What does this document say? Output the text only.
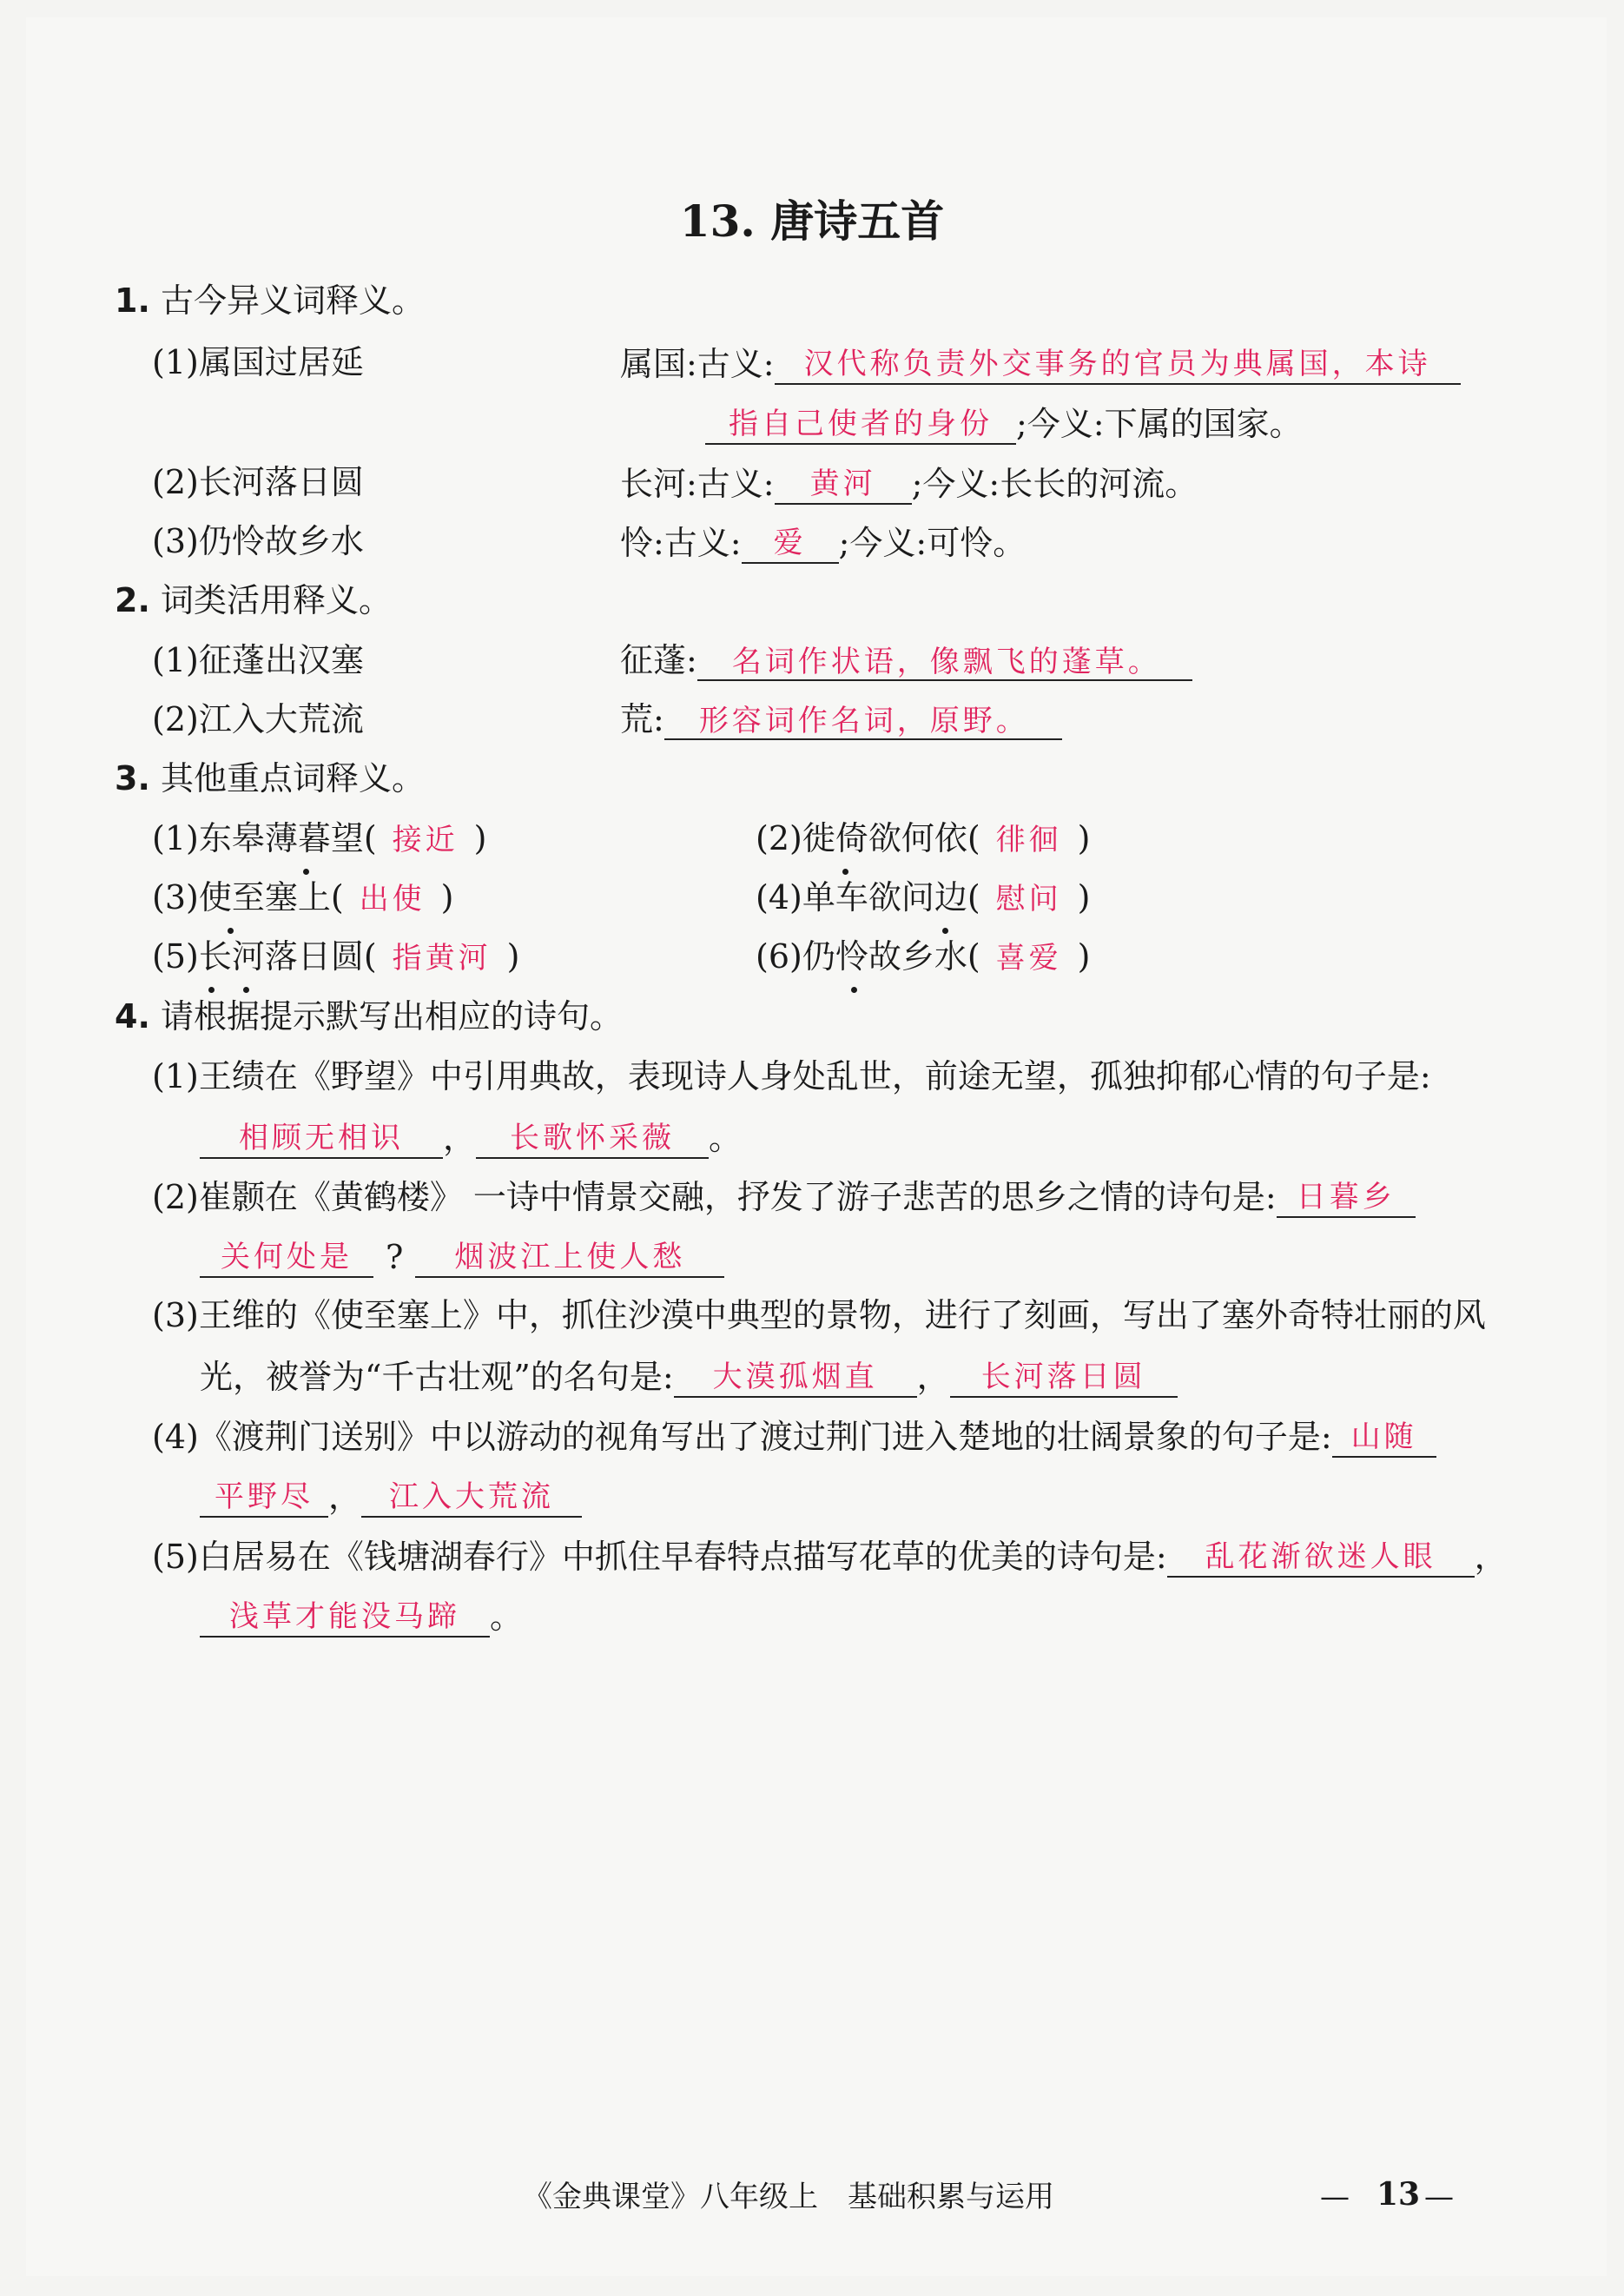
13. 唐诗五首
1. 古今异义词释义。
(1)属国过居延	属国:古义: 汉代称负责外交事务的官员为典属国，本诗
指自己使者的身份 ;今义:下属的国家。
(2)长河落日圆	长河:古义: 黄河 ;今义:长长的河流。
(3)仍怜故乡水	怜:古义: 爱 ;今义:可怜。
2. 词类活用释义。
(1)征蓬出汉塞	征蓬: 名词作状语，像飘飞的蓬草。
(2)江入大荒流	荒: 形容词作名词，原野。
3. 其他重点词释义。
(1)东皋薄暮望( 接近 )	(2)徙倚欲何依( 徘徊 )
(3)使至塞上( 出使 )	(4)单车欲问边( 慰问 )
(5)长河落日圆( 指黄河 )	(6)仍怜故乡水( 喜爱 )
4. 请根据提示默写出相应的诗句。
(1)王绩在《野望》中引用典故，表现诗人身处乱世，前途无望，孤独抑郁心情的句子是:
相顾无相识 ， 长歌怀采薇 。
(2)崔颢在《黄鹤楼》 一诗中情景交融，抒发了游子悲苦的思乡之情的诗句是: 日暮乡
关何处是 ? 烟波江上使人愁
(3)王维的《使至塞上》中，抓住沙漠中典型的景物，进行了刻画，写出了塞外奇特壮丽的风
光，被誉为“千古壮观”的名句是: 大漠孤烟直 ， 长河落日圆
(4)《渡荆门送别》中以游动的视角写出了渡过荆门进入楚地的壮阔景象的句子是: 山随
平野尽 ， 江入大荒流
(5)白居易在《钱塘湖春行》中抓住早春特点描写花草的优美的诗句是: 乱花渐欲迷人眼 ，
浅草才能没马蹄 。
《金典课堂》八年级上　基础积累与运用	— 13 —
